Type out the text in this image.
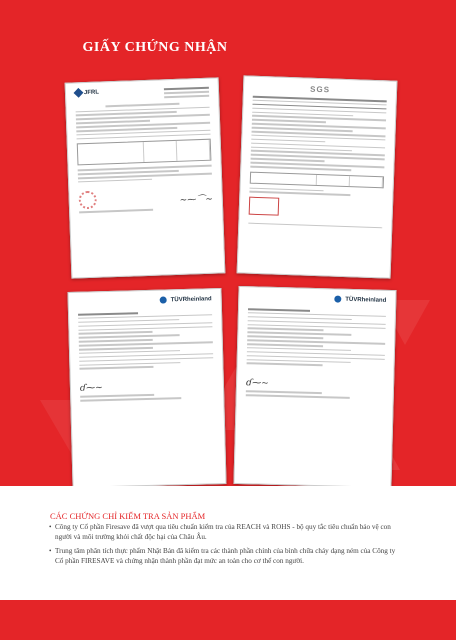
GIẤY CHỨNG NHẬN
JFRL
~⁓⌒~
SGS
TÜVRheinland
ɗ⁓~
TÜVRheinland
ɗ⁓~
CÁC CHỨNG CHỈ KIỂM TRA SẢN PHẨM
• Công ty Cổ phần Firesave đã vượt qua tiêu chuẩn kiểm tra của REACH và ROHS - bộ quy tắc tiêu chuẩn bảo vệ con người và môi trường khỏi chất độc hại của Châu Âu.
• Trung tâm phân tích thực phẩm Nhật Bản đã kiểm tra các thành phần chính của bình chữa cháy dạng ném của Công ty Cổ phần FIRESAVE và chứng nhận thành phần đạt mức an toàn cho cơ thể con người.
